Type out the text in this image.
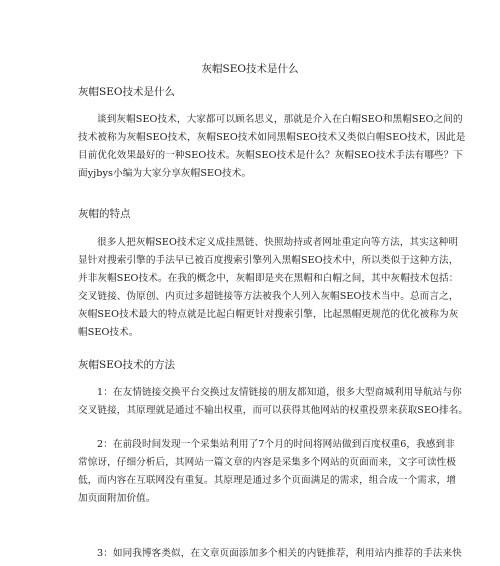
灰帽SEO技术是什么
灰帽SEO技术是什么

谈到灰帽SEO技术，大家都可以顾名思义，那就是介入在白帽SEO和黑帽SEO之间的
技术被称为灰帽SEO技术，灰帽SEO技术如同黑帽SEO技术又类似白帽SEO技术，因此是
目前优化效果最好的一种SEO技术。灰帽SEO技术是什么？灰帽SEO技术手法有哪些？下
面yjbys小编为大家分享灰帽SEO技术。

灰帽的特点

很多人把灰帽SEO技术定义成挂黑链、快照劫持或者网址重定向等方法，其实这种明
显针对搜索引擎的手法早已被百度搜索引擎列入黑帽SEO技术中，所以类似于这种方法，
并非灰帽SEO技术。在我的概念中，灰帽即是夹在黑帽和白帽之间，其中灰帽技术包括：
交叉链接、伪原创、内页过多超链接等方法被我个人列入灰帽SEO技术当中。总而言之，
灰帽SEO技术最大的特点就是比起白帽更针对搜索引擎，比起黑帽更规范的优化被称为灰
帽SEO技术。

灰帽SEO技术的方法

1：在友情链接交换平台交换过友情链接的朋友都知道，很多大型商城利用导航站与你
交叉链接，其原理就是通过不输出权重，而可以获得其他网站的权重投票来获取SEO排名。

2：在前段时间发现一个采集站利用了7个月的时间将网站做到百度权重6，我感到非
常惊讶，仔细分析后，其网站一篇文章的内容是采集多个网站的页面而来，文字可读性极
低，而内容在互联网没有重复。其原理是通过多个页面满足的需求，组合成一个需求，增
加页面附加价值。

3：如同我博客类似，在文章页面添加多个相关的内链推荐，利用站内推荐的手法来快
